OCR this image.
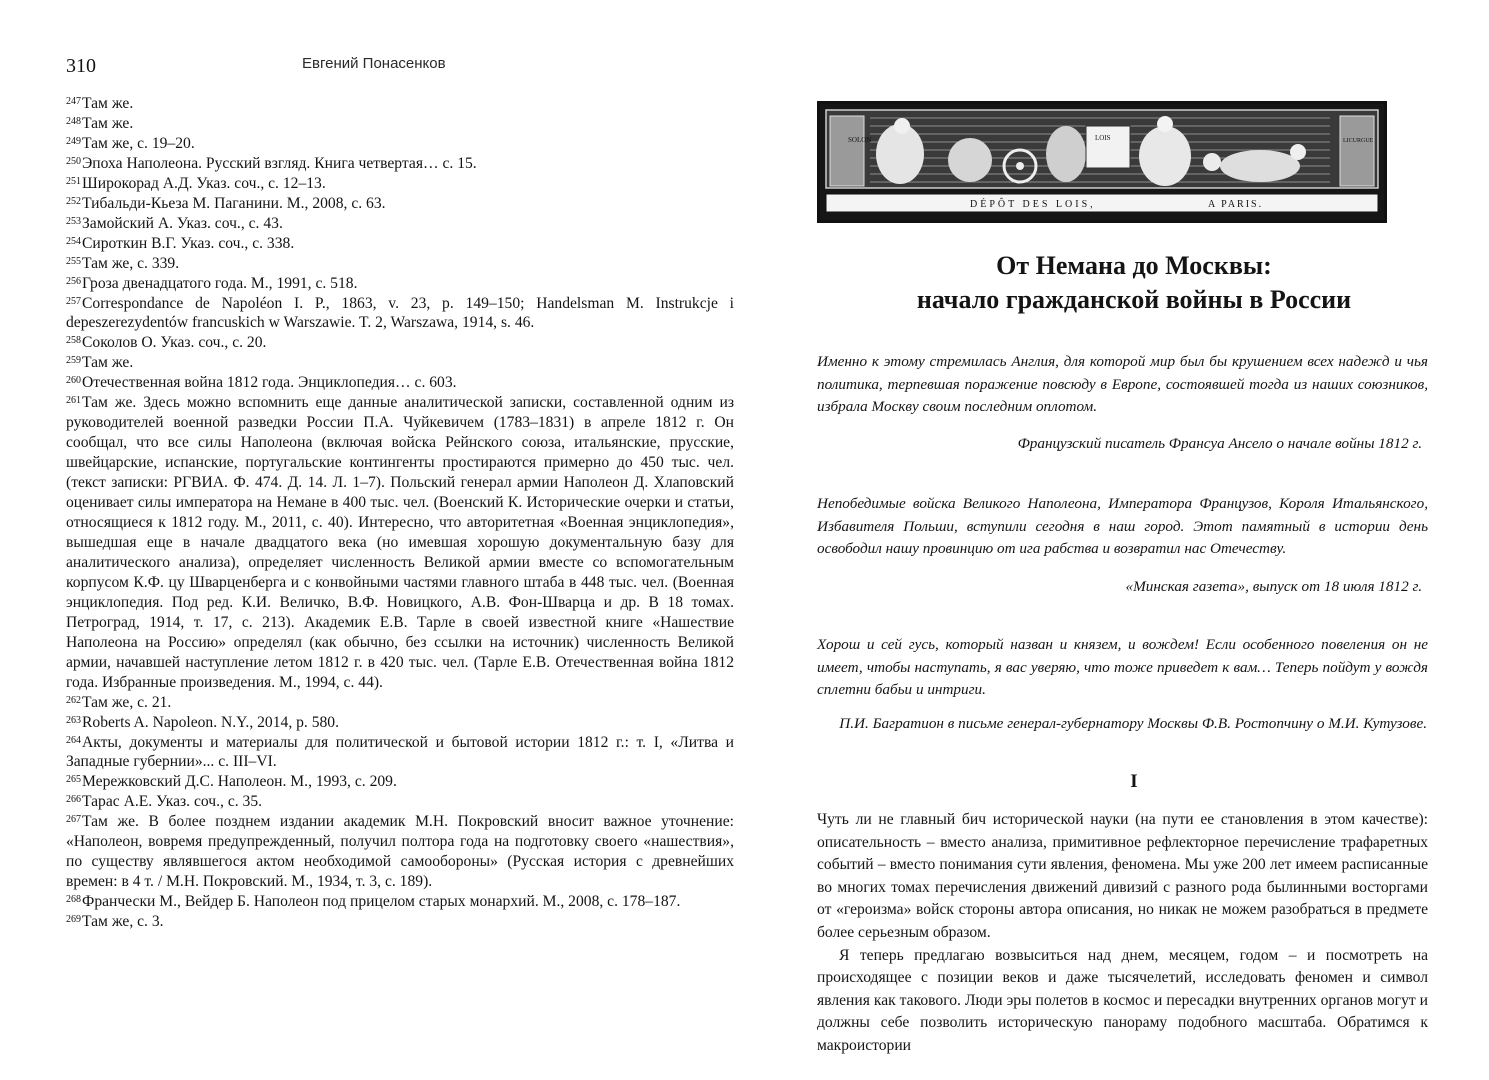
310	Евгений Понасенков

$^{247}$Там же.

$^{248}$Там же.

$^{249}$Там же, с. 19–20.

$^{250}$Эпоха Наполеона. Русский взгляд. Книга четвертая… с. 15.

$^{251}$Широкорад А.Д. Указ. соч., с. 12–13.

$^{252}$Тибальди-Кьеза М. Паганини. М., 2008, с. 63.

$^{253}$Замойский А. Указ. соч., с. 43.

$^{254}$Сироткин В.Г. Указ. соч., с. 338.

$^{255}$Там же, с. 339.

$^{256}$Гроза двенадцатого года. М., 1991, с. 518.

$^{257}$Correspondance de Napoléon I. P., 1863, v. 23, p. 149–150; Handelsman M. Instrukcje i depeszerezydentów francuskich w Warszawie. T. 2, Warszawa, 1914, s. 46.

$^{258}$Соколов О. Указ. соч., с. 20.

$^{259}$Там же.

$^{260}$Отечественная война 1812 года. Энциклопедия… с. 603.

$^{261}$Там же. Здесь можно вспомнить еще данные аналитической записки, составленной одним из руководителей военной разведки России П.А. Чуйкевичем (1783–1831) в апреле 1812 г. Он сообщал, что все силы Наполеона (включая войска Рейнского союза, итальянские, прусские, швейцарские, испанские, португальские контингенты простираются примерно до 450 тыс. чел. (текст записки: РГВИА. Ф. 474. Д. 14. Л. 1–7). Польский генерал армии Наполеон Д. Хлаповский оценивает силы императора на Немане в 400 тыс. чел. (Военский К. Исторические очерки и статьи, относящиеся к 1812 году. М., 2011, с. 40). Интересно, что авторитетная «Военная энциклопедия», вышедшая еще в начале двадцатого века (но имевшая хорошую документальную базу для аналитического анализа), определяет численность Великой армии вместе со вспомогательным корпусом К.Ф. цу Шварценберга и с конвойными частями главного штаба в 448 тыс. чел. (Военная энциклопедия. Под ред. К.И. Величко, В.Ф. Новицкого, А.В. Фон-Шварца и др. В 18 томах. Петроград, 1914, т. 17, с. 213). Академик Е.В. Тарле в своей известной книге «Нашествие Наполеона на Россию» определял (как обычно, без ссылки на источник) численность Великой армии, начавшей наступление летом 1812 г. в 420 тыс. чел. (Тарле Е.В. Отечественная война 1812 года. Избранные произведения. М., 1994, с. 44).

$^{262}$Там же, с. 21.

$^{263}$Roberts A. Napoleon. N.Y., 2014, p. 580.

$^{264}$Акты, документы и материалы для политической и бытовой истории 1812 г.: т. I, «Литва и Западные губернии»... с. III–VI.

$^{265}$Мережковский Д.С. Наполеон. М., 1993, с. 209.

$^{266}$Тарас А.Е. Указ. соч., с. 35.

$^{267}$Там же. В более позднем издании академик М.Н. Покровский вносит важное уточнение: «Наполеон, вовремя предупрежденный, получил полтора года на подготовку своего «нашествия», по существу являвшегося актом необходимой самообороны» (Русская история с древнейших времен: в 4 т. / М.Н. Покровский. М., 1934, т. 3, с. 189).

$^{268}$Франчески М., Вейдер Б. Наполеон под прицелом старых монархий. М., 2008, с. 178–187.

$^{269}$Там же, с. 3.

SOLON	LICURGUE
LOIS
DÉPÔT DES LOIS,	A PARIS.
От Немана до Москвы:
начало гражданской войны в России
Именно к этому стремилась Англия, для которой мир был бы крушением всех надежд и чья политика, терпевшая поражение повсюду в Европе, состоявшей тогда из наших союзников, избрала Москву своим последним оплотом.
Французский писатель Франсуа Ансело о начале войны 1812 г.
Непобедимые войска Великого Наполеона, Императора Французов, Короля Итальянского, Избавителя Польши, вступили сегодня в наш город. Этот памятный в истории день освободил нашу провинцию от ига рабства и возвратил нас Отечеству.
«Минская газета», выпуск от 18 июля 1812 г.
Хорош и сей гусь, который назван и князем, и вождем! Если особенного повеления он не имеет, чтобы наступать, я вас уверяю, что тоже приведет к вам… Теперь пойдут у вождя сплетни бабьи и интриги.
П.И. Багратион в письме генерал-губернатору Москвы Ф.В. Ростопчину о М.И. Кутузове.
I

Чуть ли не главный бич исторической науки (на пути ее становления в этом качестве): описательность – вместо анализа, примитивное рефлекторное перечисление трафаретных событий – вместо понимания сути явления, феномена. Мы уже 200 лет имеем расписанные во многих томах перечисления движений дивизий с разного рода былинными восторгами от «героизма» войск стороны автора описания, но никак не можем разобраться в предмете более серьезным образом.

Я теперь предлагаю возвыситься над днем, месяцем, годом – и посмотреть на происходящее с позиции веков и даже тысячелетий, исследовать феномен и символ явления как такового. Люди эры полетов в космос и пересадки внутренних органов могут и должны себе позволить историческую панораму подобного масштаба. Обратимся к макроистории
